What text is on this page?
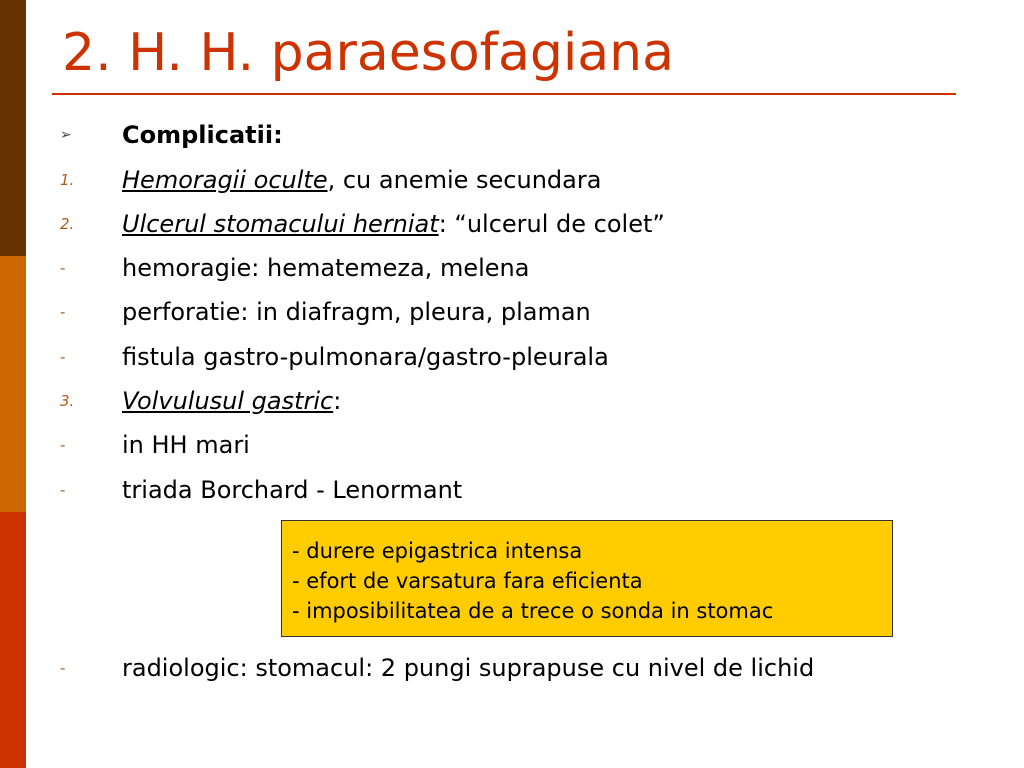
2. H. H. paraesofagiana
➢ Complicatii:
1. Hemoragii oculte, cu anemie secundara
2. Ulcerul stomacului herniat: “ulcerul de colet”
- hemoragie: hematemeza, melena
- perforatie: in diafragm, pleura, plaman
- fistula gastro-pulmonara/gastro-pleurala
3. Volvulusul gastric:
- in HH mari
- triada Borchard - Lenormant
- durere epigastrica intensa
- efort de varsatura fara eficienta
- imposibilitatea de a trece o sonda in stomac
- radiologic: stomacul: 2 pungi suprapuse cu nivel de lichid
